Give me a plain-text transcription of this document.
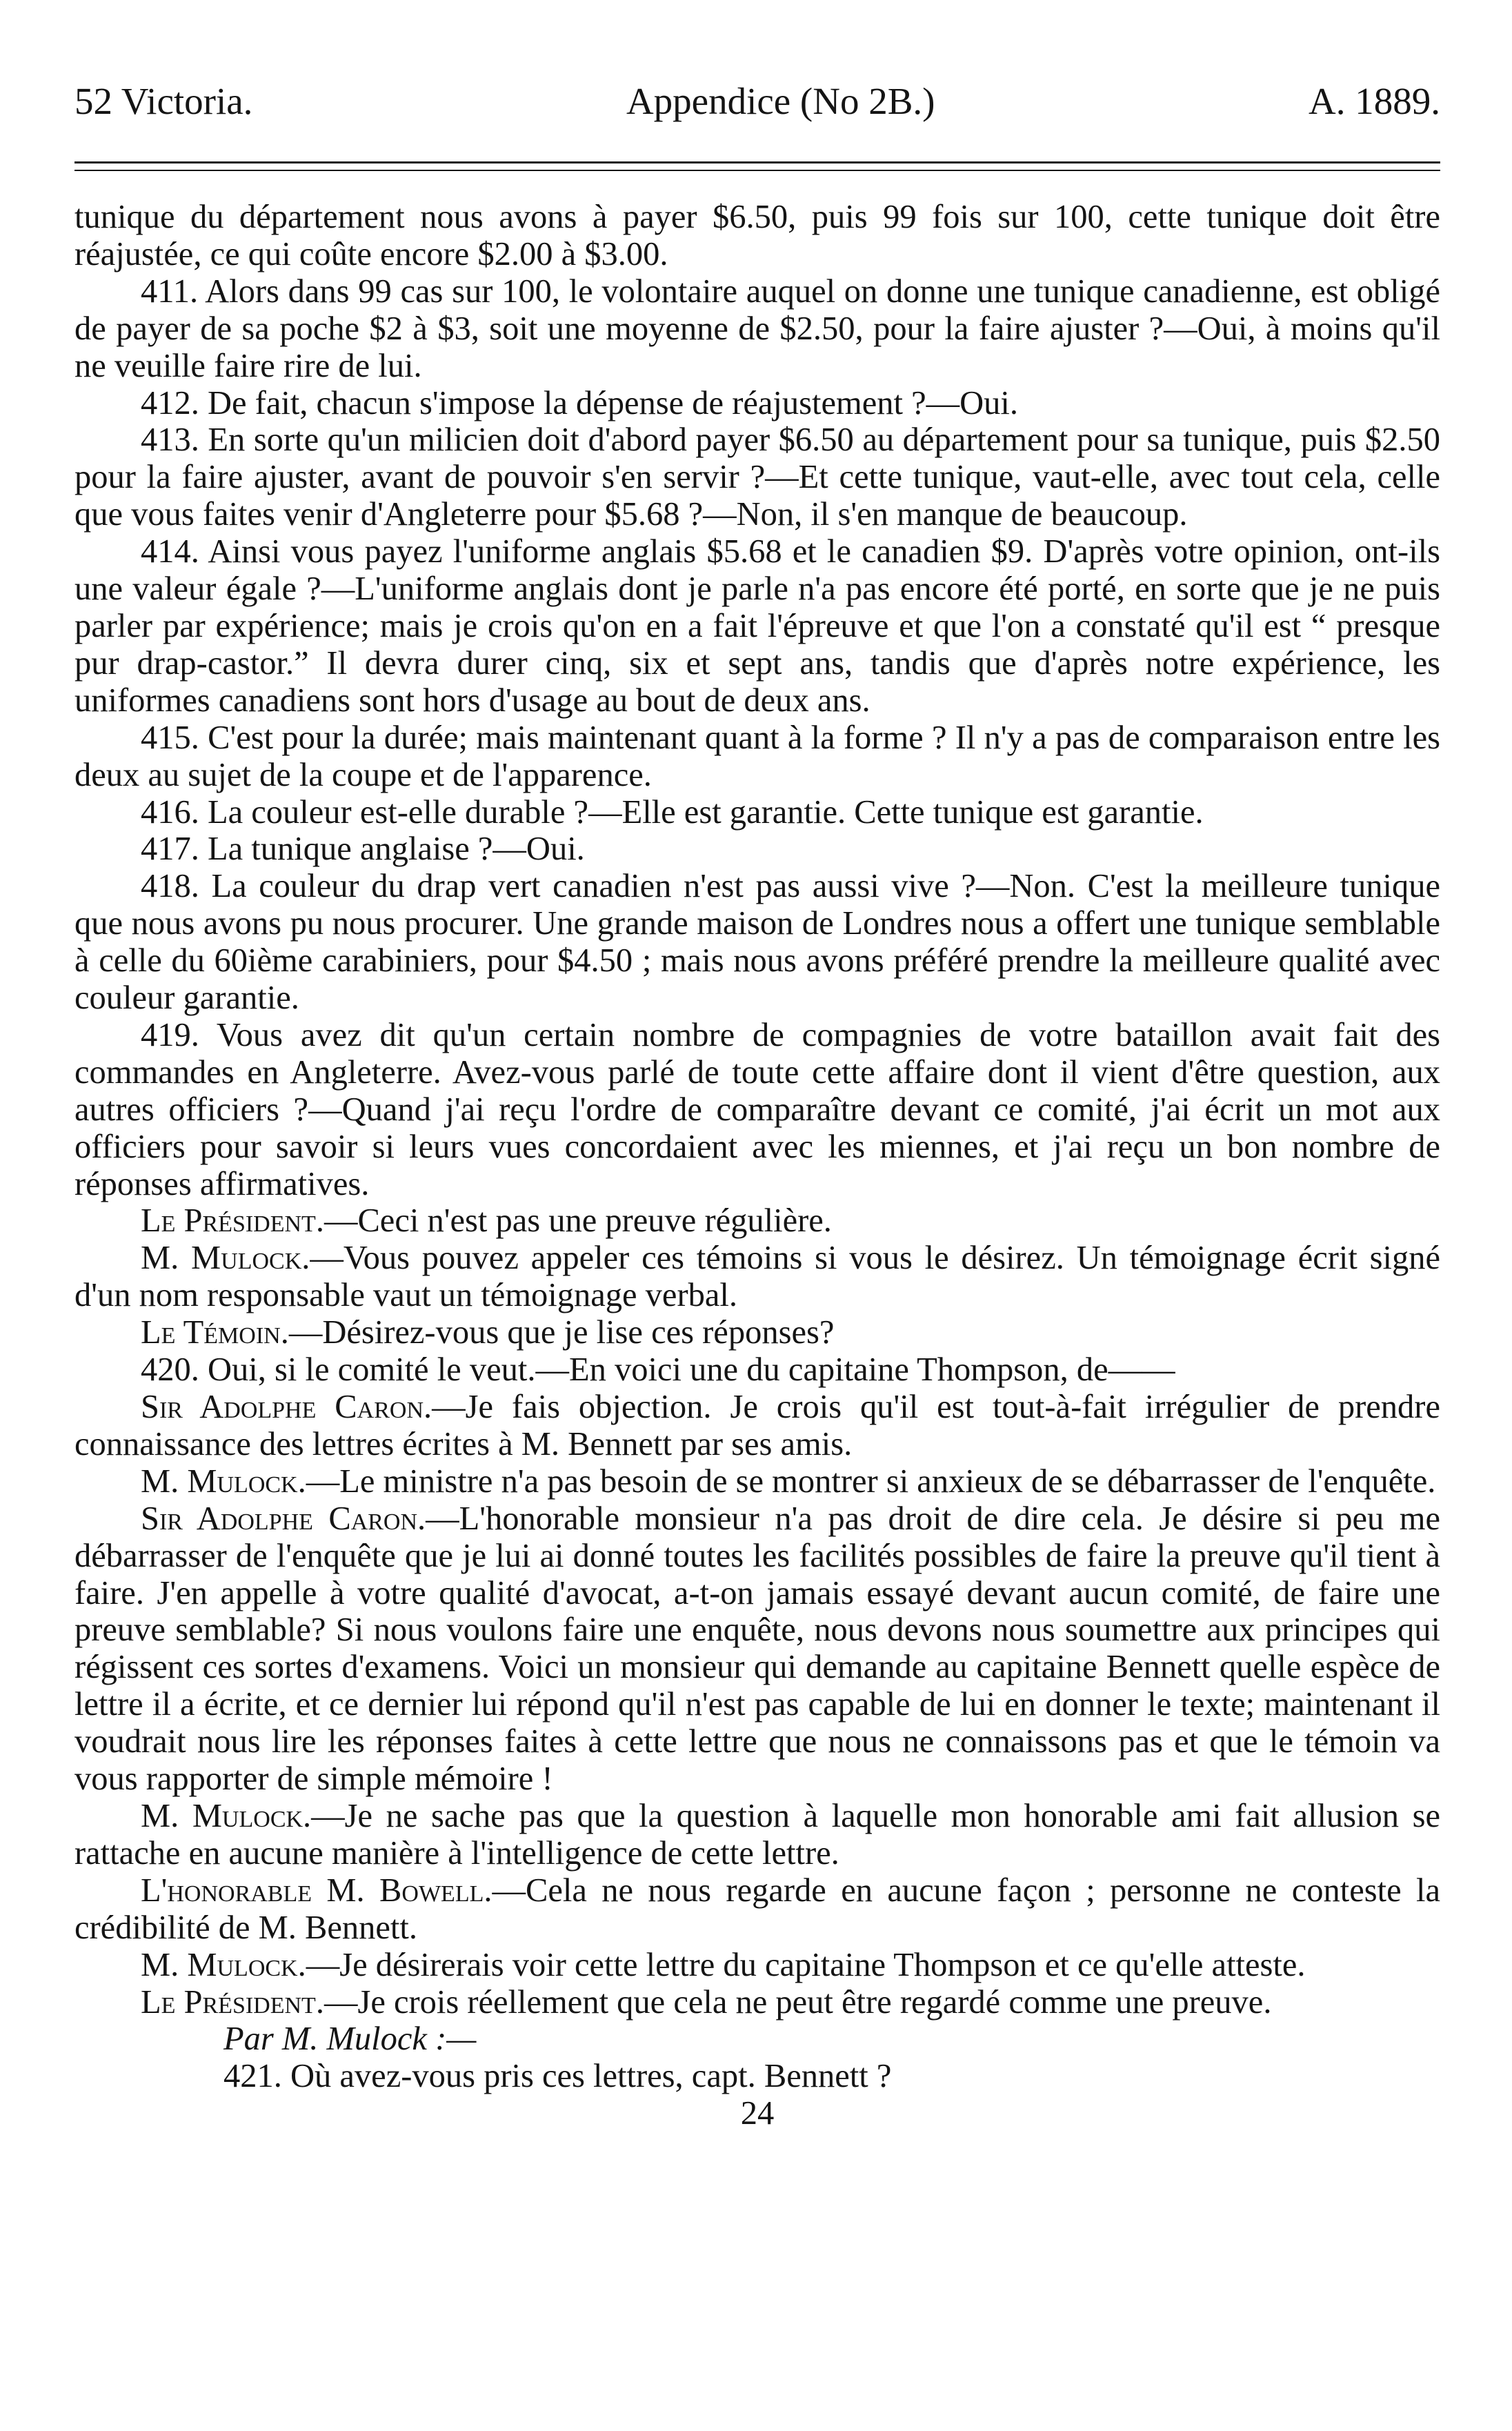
52 Victoria.	Appendice (No 2B.)	A. 1889.

tunique du département nous avons à payer $6.50, puis 99 fois sur 100, cette tunique doit être réajustée, ce qui coûte encore $2.00 à $3.00.

411. Alors dans 99 cas sur 100, le volontaire auquel on donne une tunique canadienne, est obligé de payer de sa poche $2 à $3, soit une moyenne de $2.50, pour la faire ajuster ?—Oui, à moins qu'il ne veuille faire rire de lui.

412. De fait, chacun s'impose la dépense de réajustement ?—Oui.

413. En sorte qu'un milicien doit d'abord payer $6.50 au département pour sa tunique, puis $2.50 pour la faire ajuster, avant de pouvoir s'en servir ?—Et cette tunique, vaut-elle, avec tout cela, celle que vous faites venir d'Angleterre pour $5.68 ?—Non, il s'en manque de beaucoup.

414. Ainsi vous payez l'uniforme anglais $5.68 et le canadien $9. D'après votre opinion, ont-ils une valeur égale ?—L'uniforme anglais dont je parle n'a pas encore été porté, en sorte que je ne puis parler par expérience; mais je crois qu'on en a fait l'épreuve et que l'on a constaté qu'il est “ presque pur drap-castor.” Il devra durer cinq, six et sept ans, tandis que d'après notre expérience, les uniformes canadiens sont hors d'usage au bout de deux ans.

415. C'est pour la durée; mais maintenant quant à la forme ? Il n'y a pas de comparaison entre les deux au sujet de la coupe et de l'apparence.

416. La couleur est-elle durable ?—Elle est garantie. Cette tunique est garantie.

417. La tunique anglaise ?—Oui.

418. La couleur du drap vert canadien n'est pas aussi vive ?—Non. C'est la meilleure tunique que nous avons pu nous procurer. Une grande maison de Londres nous a offert une tunique semblable à celle du 60ième carabiniers, pour $4.50 ; mais nous avons préféré prendre la meilleure qualité avec couleur garantie.

419. Vous avez dit qu'un certain nombre de compagnies de votre bataillon avait fait des commandes en Angleterre. Avez-vous parlé de toute cette affaire dont il vient d'être question, aux autres officiers ?—Quand j'ai reçu l'ordre de comparaître devant ce comité, j'ai écrit un mot aux officiers pour savoir si leurs vues concordaient avec les miennes, et j'ai reçu un bon nombre de réponses affirmatives.

Le Président.—Ceci n'est pas une preuve régulière.

M. Mulock.—Vous pouvez appeler ces témoins si vous le désirez. Un témoignage écrit signé d'un nom responsable vaut un témoignage verbal.

Le Témoin.—Désirez-vous que je lise ces réponses?

420. Oui, si le comité le veut.—En voici une du capitaine Thompson, de——

Sir Adolphe Caron.—Je fais objection. Je crois qu'il est tout-à-fait irrégulier de prendre connaissance des lettres écrites à M. Bennett par ses amis.

M. Mulock.—Le ministre n'a pas besoin de se montrer si anxieux de se débarrasser de l'enquête.

Sir Adolphe Caron.—L'honorable monsieur n'a pas droit de dire cela. Je désire si peu me débarrasser de l'enquête que je lui ai donné toutes les facilités possibles de faire la preuve qu'il tient à faire. J'en appelle à votre qualité d'avocat, a-t-on jamais essayé devant aucun comité, de faire une preuve semblable? Si nous voulons faire une enquête, nous devons nous soumettre aux principes qui régissent ces sortes d'examens. Voici un monsieur qui demande au capitaine Bennett quelle espèce de lettre il a écrite, et ce dernier lui répond qu'il n'est pas capable de lui en donner le texte; maintenant il voudrait nous lire les réponses faites à cette lettre que nous ne connaissons pas et que le témoin va vous rapporter de simple mémoire !

M. Mulock.—Je ne sache pas que la question à laquelle mon honorable ami fait allusion se rattache en aucune manière à l'intelligence de cette lettre.

L'honorable M. Bowell.—Cela ne nous regarde en aucune façon ; personne ne conteste la crédibilité de M. Bennett.

M. Mulock.—Je désirerais voir cette lettre du capitaine Thompson et ce qu'elle atteste.

Le Président.—Je crois réellement que cela ne peut être regardé comme une preuve.

Par M. Mulock :—

421. Où avez-vous pris ces lettres, capt. Bennett ?

24
